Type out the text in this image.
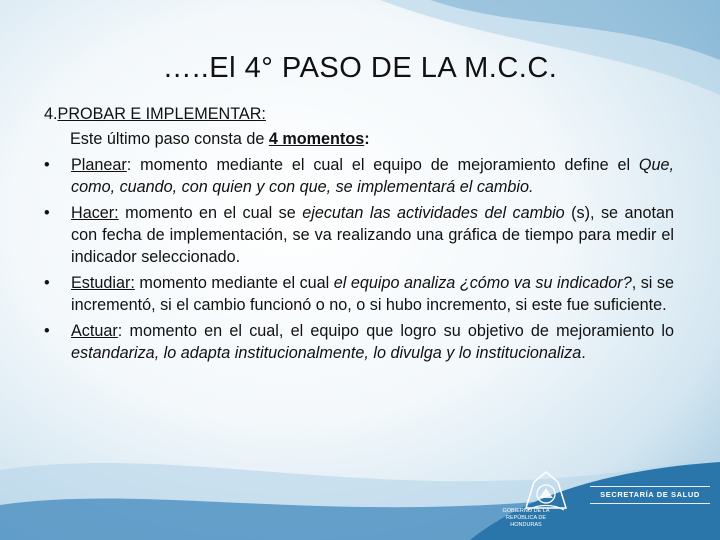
…..El 4° PASO DE LA M.C.C.

4.PROBAR E IMPLEMENTAR:

Este último paso consta de 4 momentos:

• Planear: momento mediante el cual el equipo de mejoramiento define el Que, como, cuando, con quien y con que, se implementará el cambio.
• Hacer: momento en el cual se ejecutan las actividades del cambio (s), se anotan con fecha de implementación, se va realizando una gráfica de tiempo para medir el indicador seleccionado.
• Estudiar: momento mediante el cual el equipo analiza ¿cómo va su indicador?, si se incrementó, si el cambio funcionó o no, o si hubo incremento, si este fue suficiente.
• Actuar: momento en el cual, el equipo que logro su objetivo de mejoramiento lo estandariza, lo adapta institucionalmente, lo divulga y lo institucionaliza.
GOBIERNO DE LA REPÚBLICA DE HONDURAS
SECRETARÍA DE SALUD
